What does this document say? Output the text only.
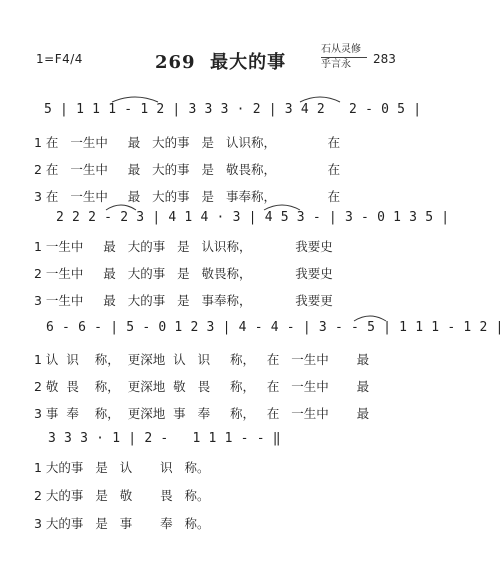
1=F4/4	269  最大的事
石从灵修
乎言永	283
5 | 1 1 1 - 1 2 | 3 3 3 · 2 | 3 4 2   2 - 0 5 |
1 在   一生中     最   大的事   是   认识称，             在
2 在   一生中     最   大的事   是   敬畏称，             在
3 在   一生中     最   大的事   是   事奉称，             在
2 2 2 - 2 3 | 4 1 4 · 3 | 4 5 3 - | 3 - 0 1 3 5 |
1 一生中     最   大的事   是   认识称，           我要史
2 一生中     最   大的事   是   敬畏称，           我要史
3 一生中     最   大的事   是   事奉称，           我要更
6 - 6 - | 5 - 0 1 2 3 | 4 - 4 - | 3 - - 5 | 1 1 1 - 1 2 |
1 认  识    称，  更深地  认   识     称，   在   一生中       最
2 敬  畏    称，  更深地  敬   畏     称，   在   一生中       最
3 事  奉    称，  更深地  事   奉     称，   在   一生中       最
3 3 3 · 1 | 2 -   1 1 1 - - ‖
1 大的事   是   认       识   称。
2 大的事   是   敬       畏   称。
3 大的事   是   事       奉   称。
